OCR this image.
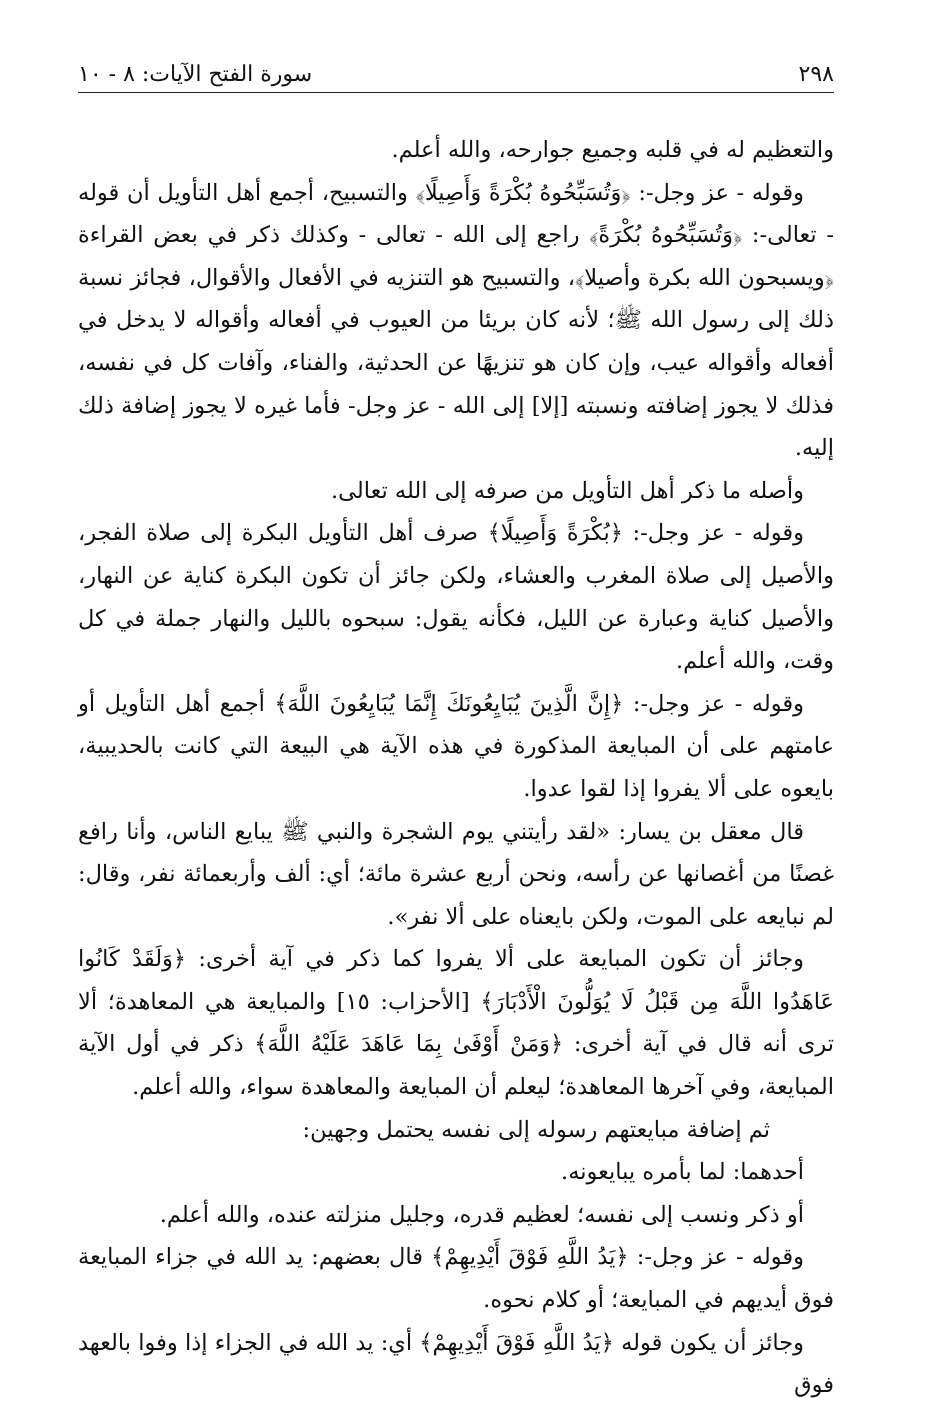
٢٩٨
سورة الفتح الآيات: ٨ - ١٠

والتعظيم له في قلبه وجميع جوارحه، والله أعلم.

وقوله - عز وجل-: ﴿وَتُسَبِّحُوهُ بُكْرَةً وَأَصِيلًا﴾ والتسبيح، أجمع أهل التأويل أن قوله - تعالى-: ﴿وَتُسَبِّحُوهُ بُكْرَةً﴾ راجع إلى الله - تعالى - وكذلك ذكر في بعض القراءة ﴿ويسبحون الله بكرة وأصيلا﴾، والتسبيح هو التنزيه في الأفعال والأقوال، فجائز نسبة ذلك إلى رسول الله ﷺ؛ لأنه كان بريئا من العيوب في أفعاله وأقواله لا يدخل في أفعاله وأقواله عيب، وإن كان هو تنزيهًا عن الحدثية، والفناء، وآفات كل في نفسه، فذلك لا يجوز إضافته ونسبته [إلا] إلى الله - عز وجل- فأما غيره لا يجوز إضافة ذلك إليه.

وأصله ما ذكر أهل التأويل من صرفه إلى الله تعالى.

وقوله - عز وجل-: ﴿بُكْرَةً وَأَصِيلًا﴾ صرف أهل التأويل البكرة إلى صلاة الفجر، والأصيل إلى صلاة المغرب والعشاء، ولكن جائز أن تكون البكرة كناية عن النهار، والأصيل كناية وعبارة عن الليل، فكأنه يقول: سبحوه بالليل والنهار جملة في كل وقت، والله أعلم.

وقوله - عز وجل-: ﴿إِنَّ الَّذِينَ يُبَايِعُونَكَ إِنَّمَا يُبَايِعُونَ اللَّهَ﴾ أجمع أهل التأويل أو عامتهم على أن المبايعة المذكورة في هذه الآية هي البيعة التي كانت بالحديبية، بايعوه على ألا يفروا إذا لقوا عدوا.

قال معقل بن يسار: «لقد رأيتني يوم الشجرة والنبي ﷺ يبايع الناس، وأنا رافع غصنًا من أغصانها عن رأسه، ونحن أربع عشرة مائة؛ أي: ألف وأربعمائة نفر، وقال: لم نبايعه على الموت، ولكن بايعناه على ألا نفر».

وجائز أن تكون المبايعة على ألا يفروا كما ذكر في آية أخرى: ﴿وَلَقَدْ كَانُوا عَاهَدُوا اللَّهَ مِن قَبْلُ لَا يُوَلُّونَ الْأَدْبَارَ﴾ [الأحزاب: ١٥] والمبايعة هي المعاهدة؛ ألا ترى أنه قال في آية أخرى: ﴿وَمَنْ أَوْفَىٰ بِمَا عَاهَدَ عَلَيْهُ اللَّهَ﴾ ذكر في أول الآية المبايعة، وفي آخرها المعاهدة؛ ليعلم أن المبايعة والمعاهدة سواء، والله أعلم.

ثم إضافة مبايعتهم رسوله إلى نفسه يحتمل وجهين:

أحدهما: لما بأمره يبايعونه.

أو ذكر ونسب إلى نفسه؛ لعظيم قدره، وجليل منزلته عنده، والله أعلم.

وقوله - عز وجل-: ﴿يَدُ اللَّهِ فَوْقَ أَيْدِيهِمْ﴾ قال بعضهم: يد الله في جزاء المبايعة فوق أيديهم في المبايعة؛ أو كلام نحوه.

وجائز أن يكون قوله ﴿يَدُ اللَّهِ فَوْقَ أَيْدِيهِمْ﴾ أي: يد الله في الجزاء إذا وفوا بالعهد فوق
